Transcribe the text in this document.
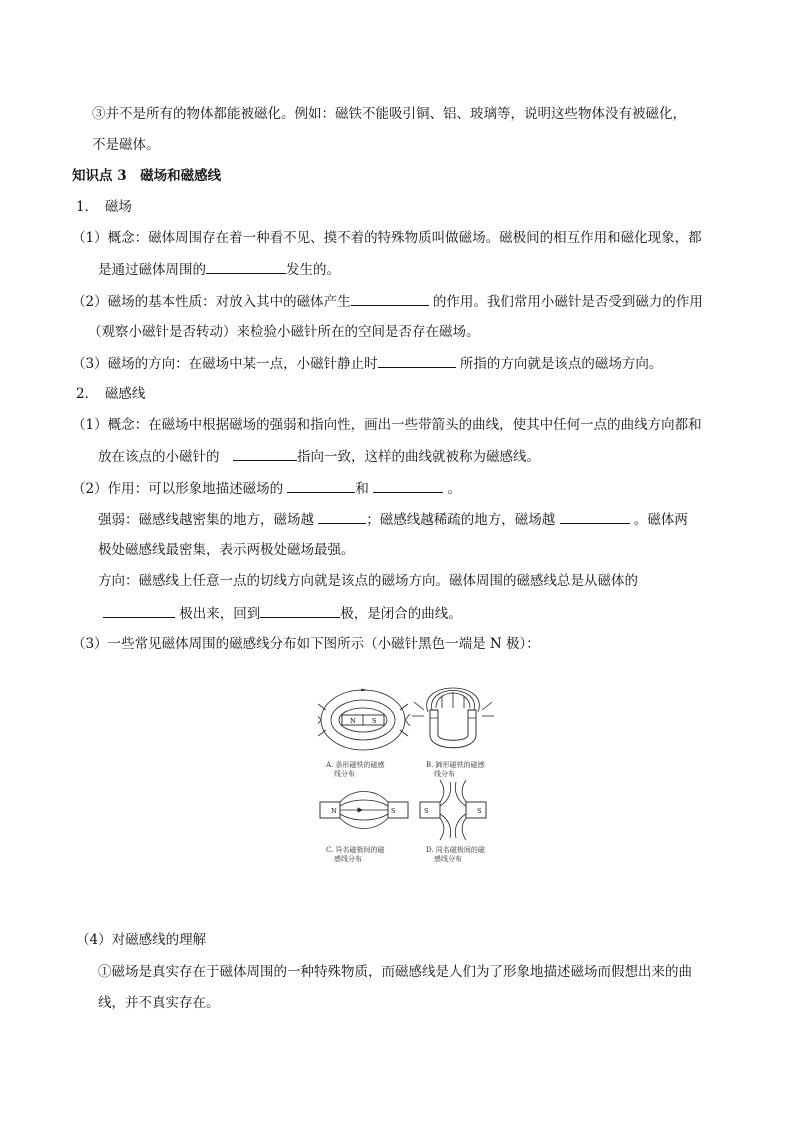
③并不是所有的物体都能被磁化。例如：磁铁不能吸引铜、铝、玻璃等，说明这些物体没有被磁化，
不是磁体。
知识点 3　磁场和磁感线
1．　磁场
（1）概念：磁体周围存在着一种看不见、摸不着的特殊物质叫做磁场。磁极间的相互作用和磁化现象，都
是通过磁体周围的	发生的。
（2）磁场的基本性质：对放入其中的磁体产生	的作用。我们常用小磁针是否受到磁力的作用
（观察小磁针是否转动）来检验小磁针所在的空间是否存在磁场。
（3）磁场的方向：在磁场中某一点，小磁针静止时	所指的方向就是该点的磁场方向。
2．　磁感线
（1）概念：在磁场中根据磁场的强弱和指向性，画出一些带箭头的曲线，使其中任何一点的曲线方向都和
放在该点的小磁针的　	指向一致，这样的曲线就被称为磁感线。
（2）作用：可以形象地描述磁场的	和	。
强弱：磁感线越密集的地方，磁场越	；磁感线越稀疏的地方，磁场越	。磁体两
极处磁感线最密集，表示两极处磁场最强。
方向：磁感线上任意一点的切线方向就是该点的磁场方向。磁体周围的磁感线总是从磁体的
极出来，回到	极，是闭合的曲线。
（3）一些常见磁体周围的磁感线分布如下图所示（小磁针黑色一端是 N 极）：
N	S
A. 条形磁铁的磁感
线分布
B. 蹄形磁铁的磁感
线分布
N	S	S	S
C. 异名磁极间的磁
感线分布
D. 同名磁极间的磁
感线分布
（4）对磁感线的理解
①磁场是真实存在于磁体周围的一种特殊物质，而磁感线是人们为了形象地描述磁场而假想出来的曲
线，并不真实存在。
